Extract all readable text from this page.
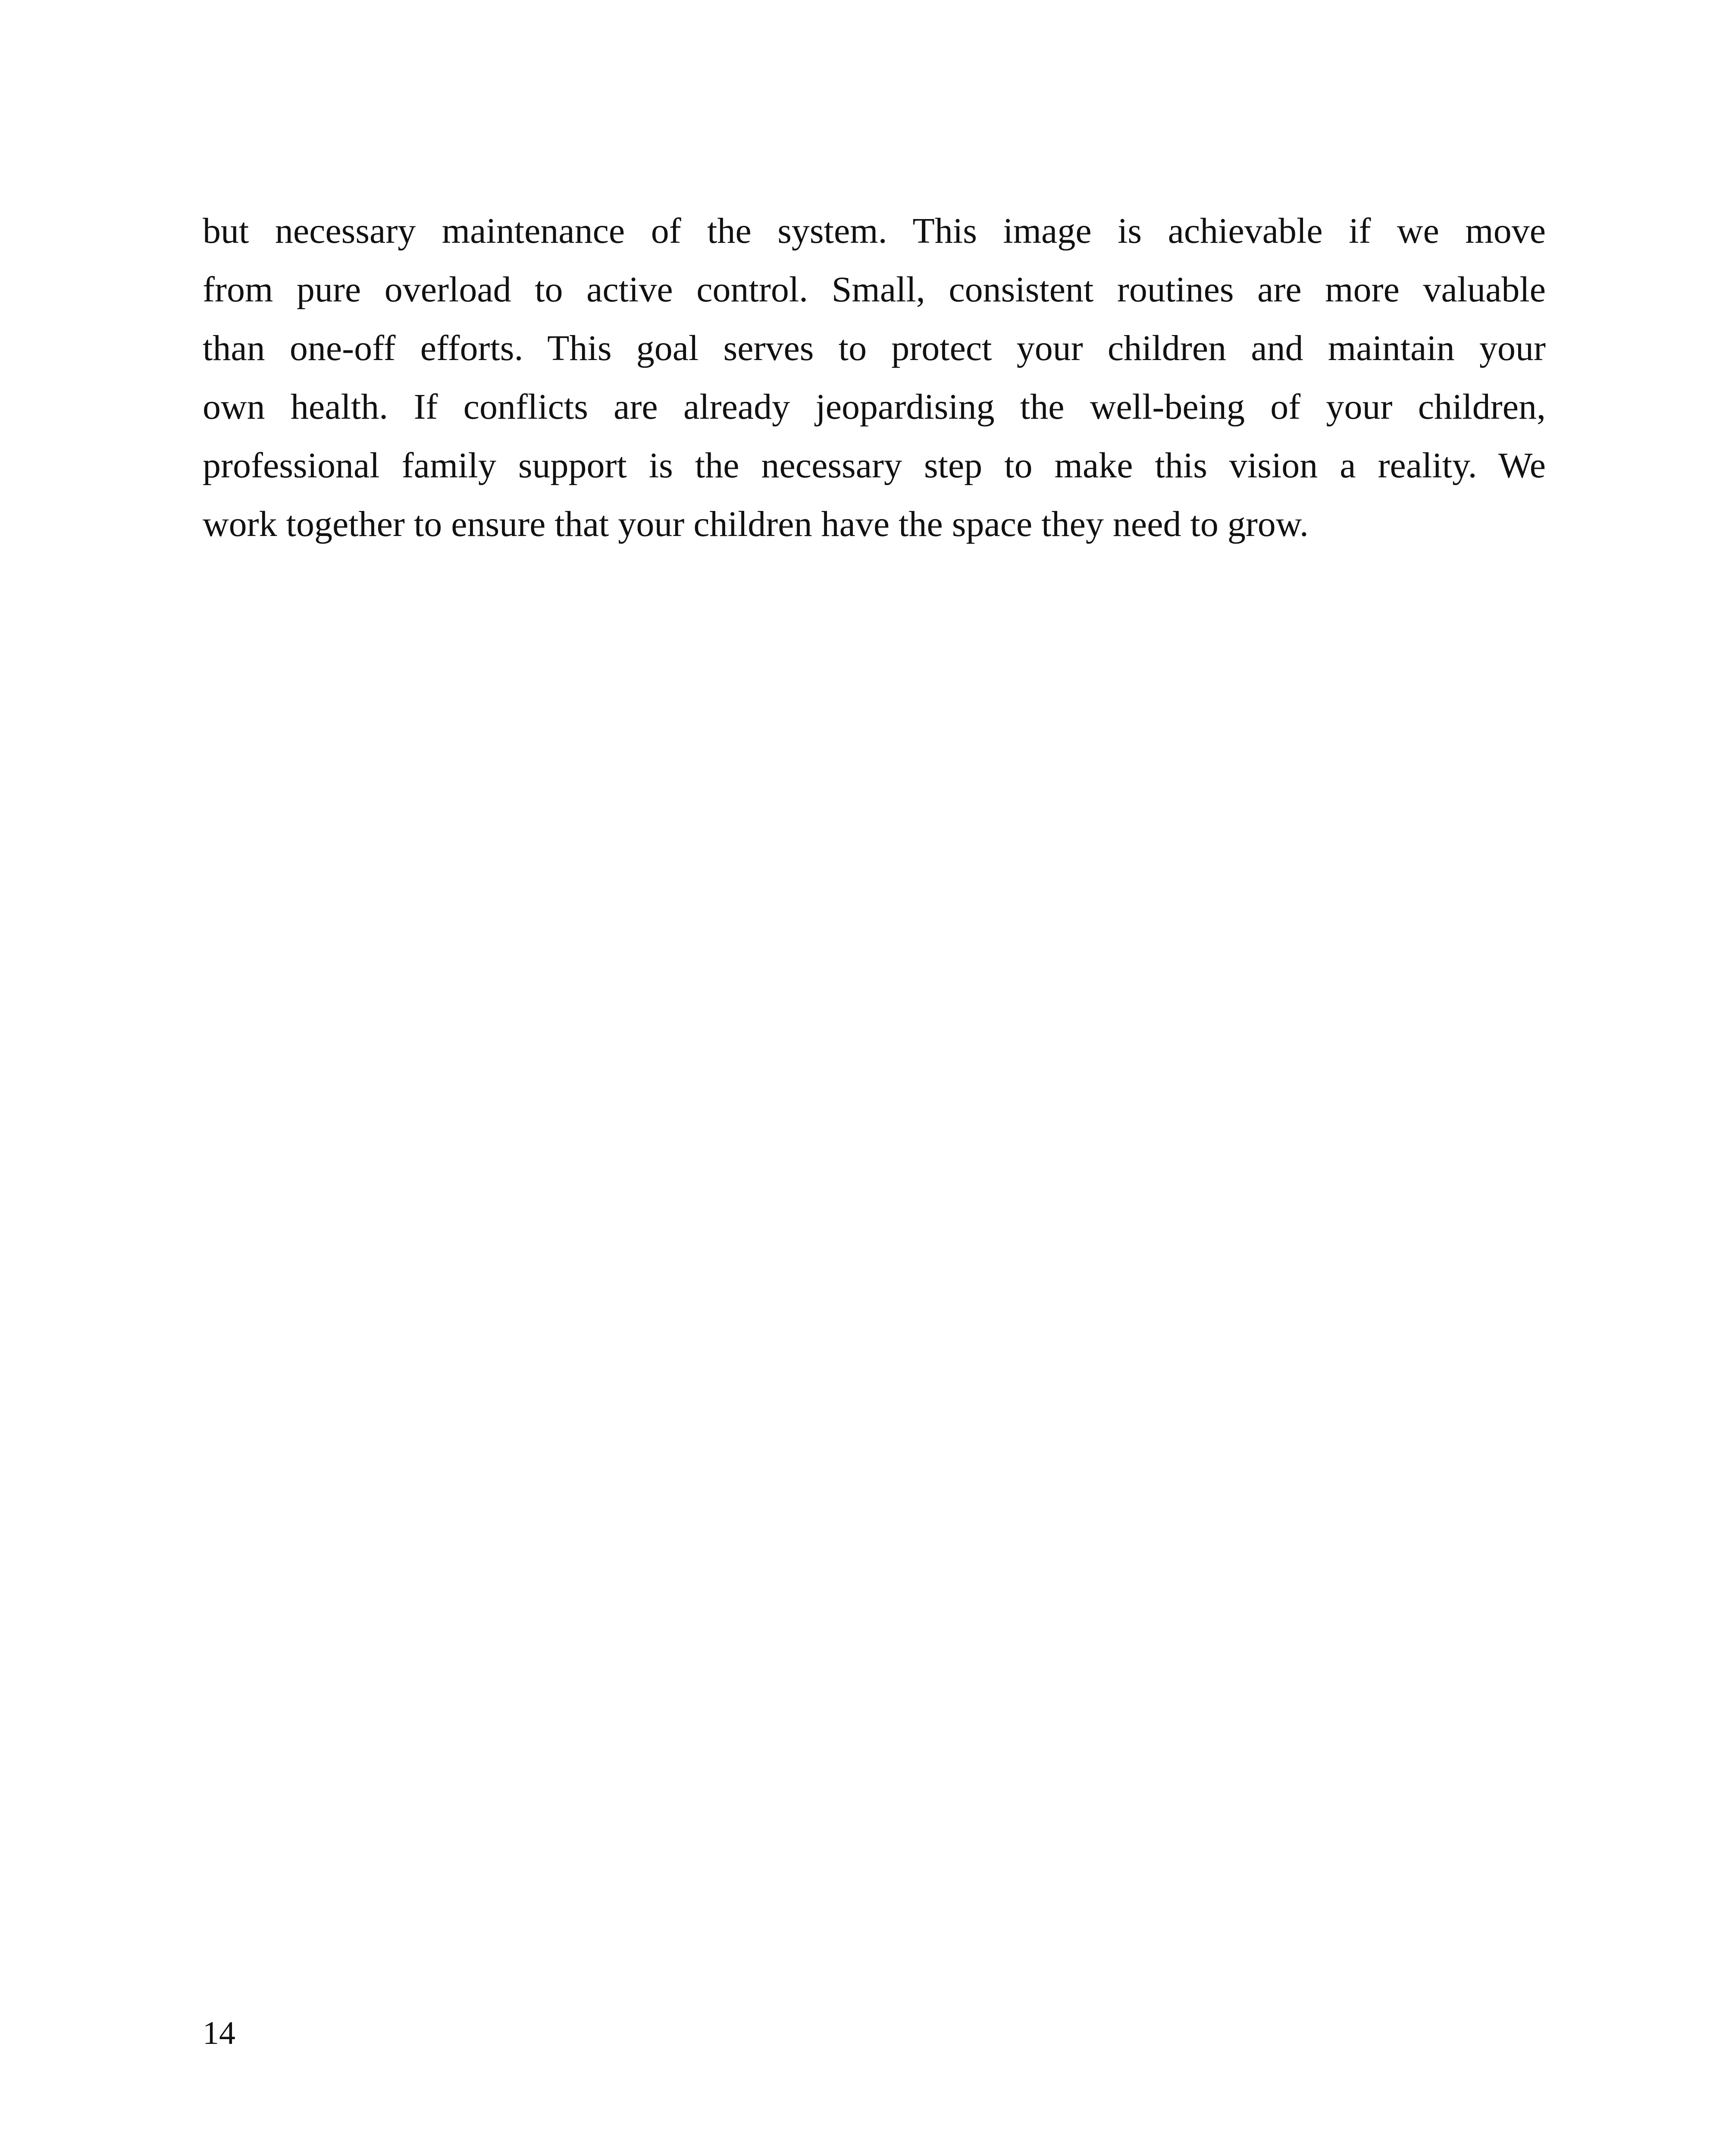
but necessary maintenance of the system. This image is achievable if we move
from pure overload to active control. Small, consistent routines are more valuable
than one-off efforts. This goal serves to protect your children and maintain your
own health. If conflicts are already jeopardising the well-being of your children,
professional family support is the necessary step to make this vision a reality. We
work together to ensure that your children have the space they need to grow.
14
